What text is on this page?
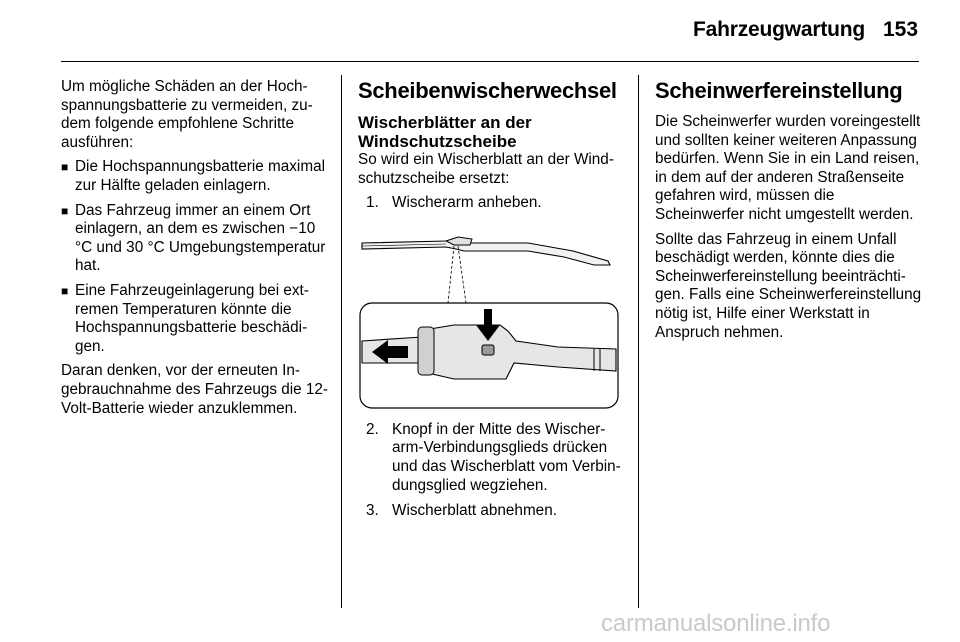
Fahrzeugwartung 153

Um mögliche Schäden an der Hochspannungsbatterie zu vermeiden, zudem folgende empfohlene Schritte ausführen:

■ Die Hochspannungsbatterie maximal zur Hälfte geladen einlagern.
■ Das Fahrzeug immer an einem Ort einlagern, an dem es zwischen −10 °C und 30 °C Umgebungstemperatur hat.
■ Eine Fahrzeugeinlagerung bei extremen Temperaturen könnte die Hochspannungsbatterie beschädigen.

Daran denken, vor der erneuten Ingebrauchnahme des Fahrzeugs die 12-Volt-Batterie wieder anzuklemmen.

Scheibenwischerwechsel
Wischerblätter an der Windschutzscheibe

So wird ein Wischerblatt an der Windschutzscheibe ersetzt:

1. Wischerarm anheben.
2. Knopf in der Mitte des Wischerarm-Verbindungsglieds drücken und das Wischerblatt vom Verbindungsglied wegziehen.
3. Wischerblatt abnehmen.
Scheinwerfereinstellung

Die Scheinwerfer wurden voreingestellt und sollten keiner weiteren Anpassung bedürfen. Wenn Sie in ein Land reisen, in dem auf der anderen Straßenseite gefahren wird, müssen die Scheinwerfer nicht umgestellt werden.

Sollte das Fahrzeug in einem Unfall beschädigt werden, könnte dies die Scheinwerfereinstellung beeinträchtigen. Falls eine Scheinwerfereinstellung nötig ist, Hilfe einer Werkstatt in Anspruch nehmen.

carmanualsonline.info
